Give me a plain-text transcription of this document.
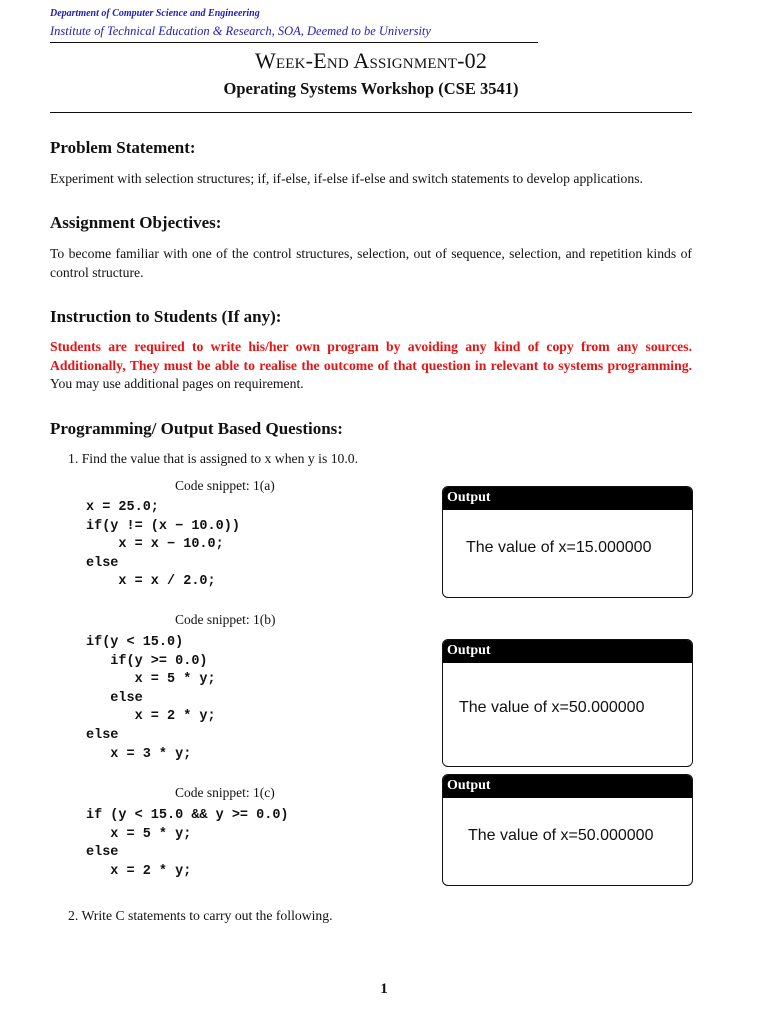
Department of Computer Science and Engineering
Institute of Technical Education & Research, SOA, Deemed to be University
Week-End Assignment-02
Operating Systems Workshop (CSE 3541)
Problem Statement:
Experiment with selection structures; if, if-else, if-else if-else and switch statements to develop applications.
Assignment Objectives:
To become familiar with one of the control structures, selection, out of sequence, selection, and repetition kinds of control structure.
Instruction to Students (If any):
Students are required to write his/her own program by avoiding any kind of copy from any sources. Additionally, They must be able to realise the outcome of that question in relevant to systems programming. You may use additional pages on requirement.
Programming/ Output Based Questions:
1. Find the value that is assigned to x when y is 10.0.
Code snippet: 1(a)
x = 25.0;
if(y != (x − 10.0))
x = x − 10.0;
else
x = x / 2.0;
Output
The value of x=15.000000
Code snippet: 1(b)
if(y < 15.0)
if(y >= 0.0)
x = 5 * y;
else
x = 2 * y;
else
x = 3 * y;
Output
The value of x=50.000000
Code snippet: 1(c)
if (y < 15.0 && y >= 0.0)
x = 5 * y;
else
x = 2 * y;
Output
The value of x=50.000000
2. Write C statements to carry out the following.
1
